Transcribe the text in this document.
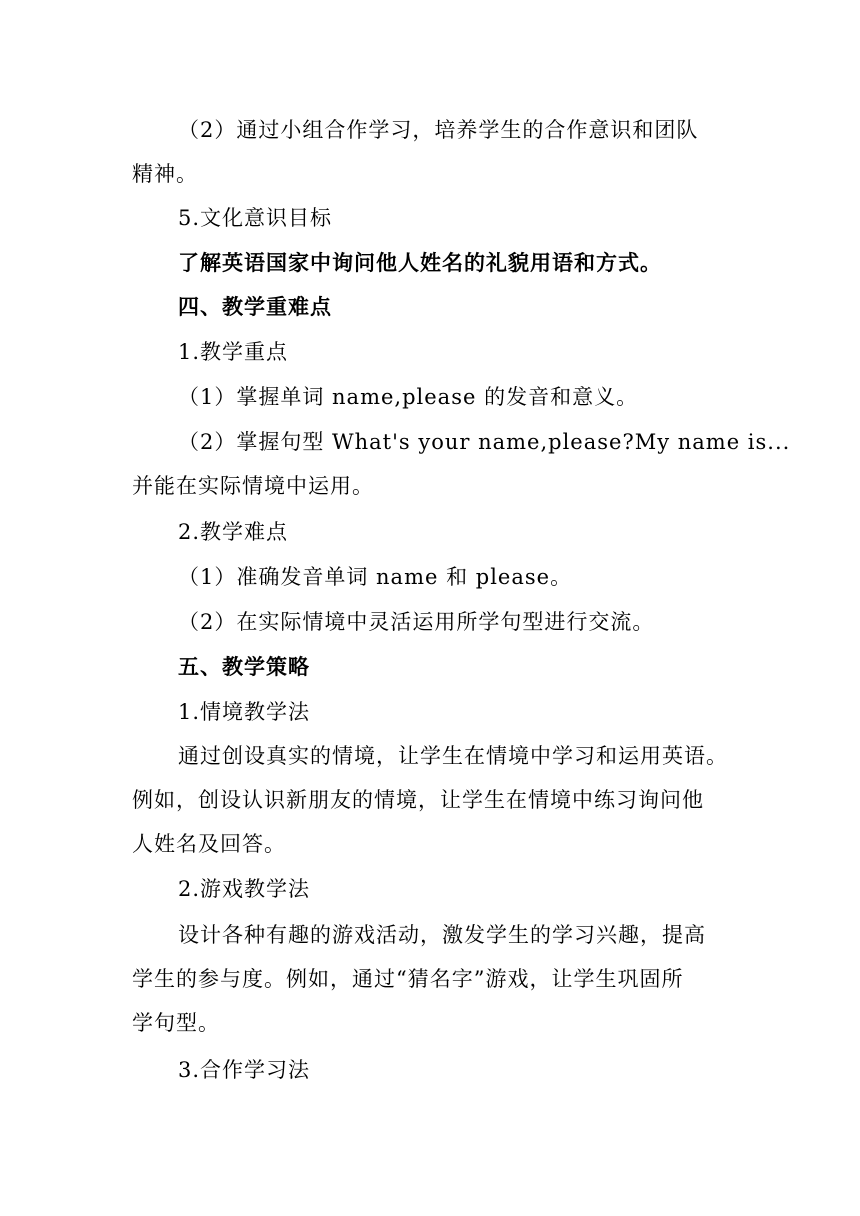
（2）通过小组合作学习，培养学生的合作意识和团队
精神。
5.文化意识目标
了解英语国家中询问他人姓名的礼貌用语和方式。
四、教学重难点
1.教学重点
（1）掌握单词 name,please 的发音和意义。
（2）掌握句型 What's your name,please?My name is...
并能在实际情境中运用。
2.教学难点
（1）准确发音单词 name 和 please。
（2）在实际情境中灵活运用所学句型进行交流。
五、教学策略
1.情境教学法
通过创设真实的情境，让学生在情境中学习和运用英语。
例如，创设认识新朋友的情境，让学生在情境中练习询问他
人姓名及回答。
2.游戏教学法
设计各种有趣的游戏活动，激发学生的学习兴趣，提高
学生的参与度。例如，通过“猜名字”游戏，让学生巩固所
学句型。
3.合作学习法
